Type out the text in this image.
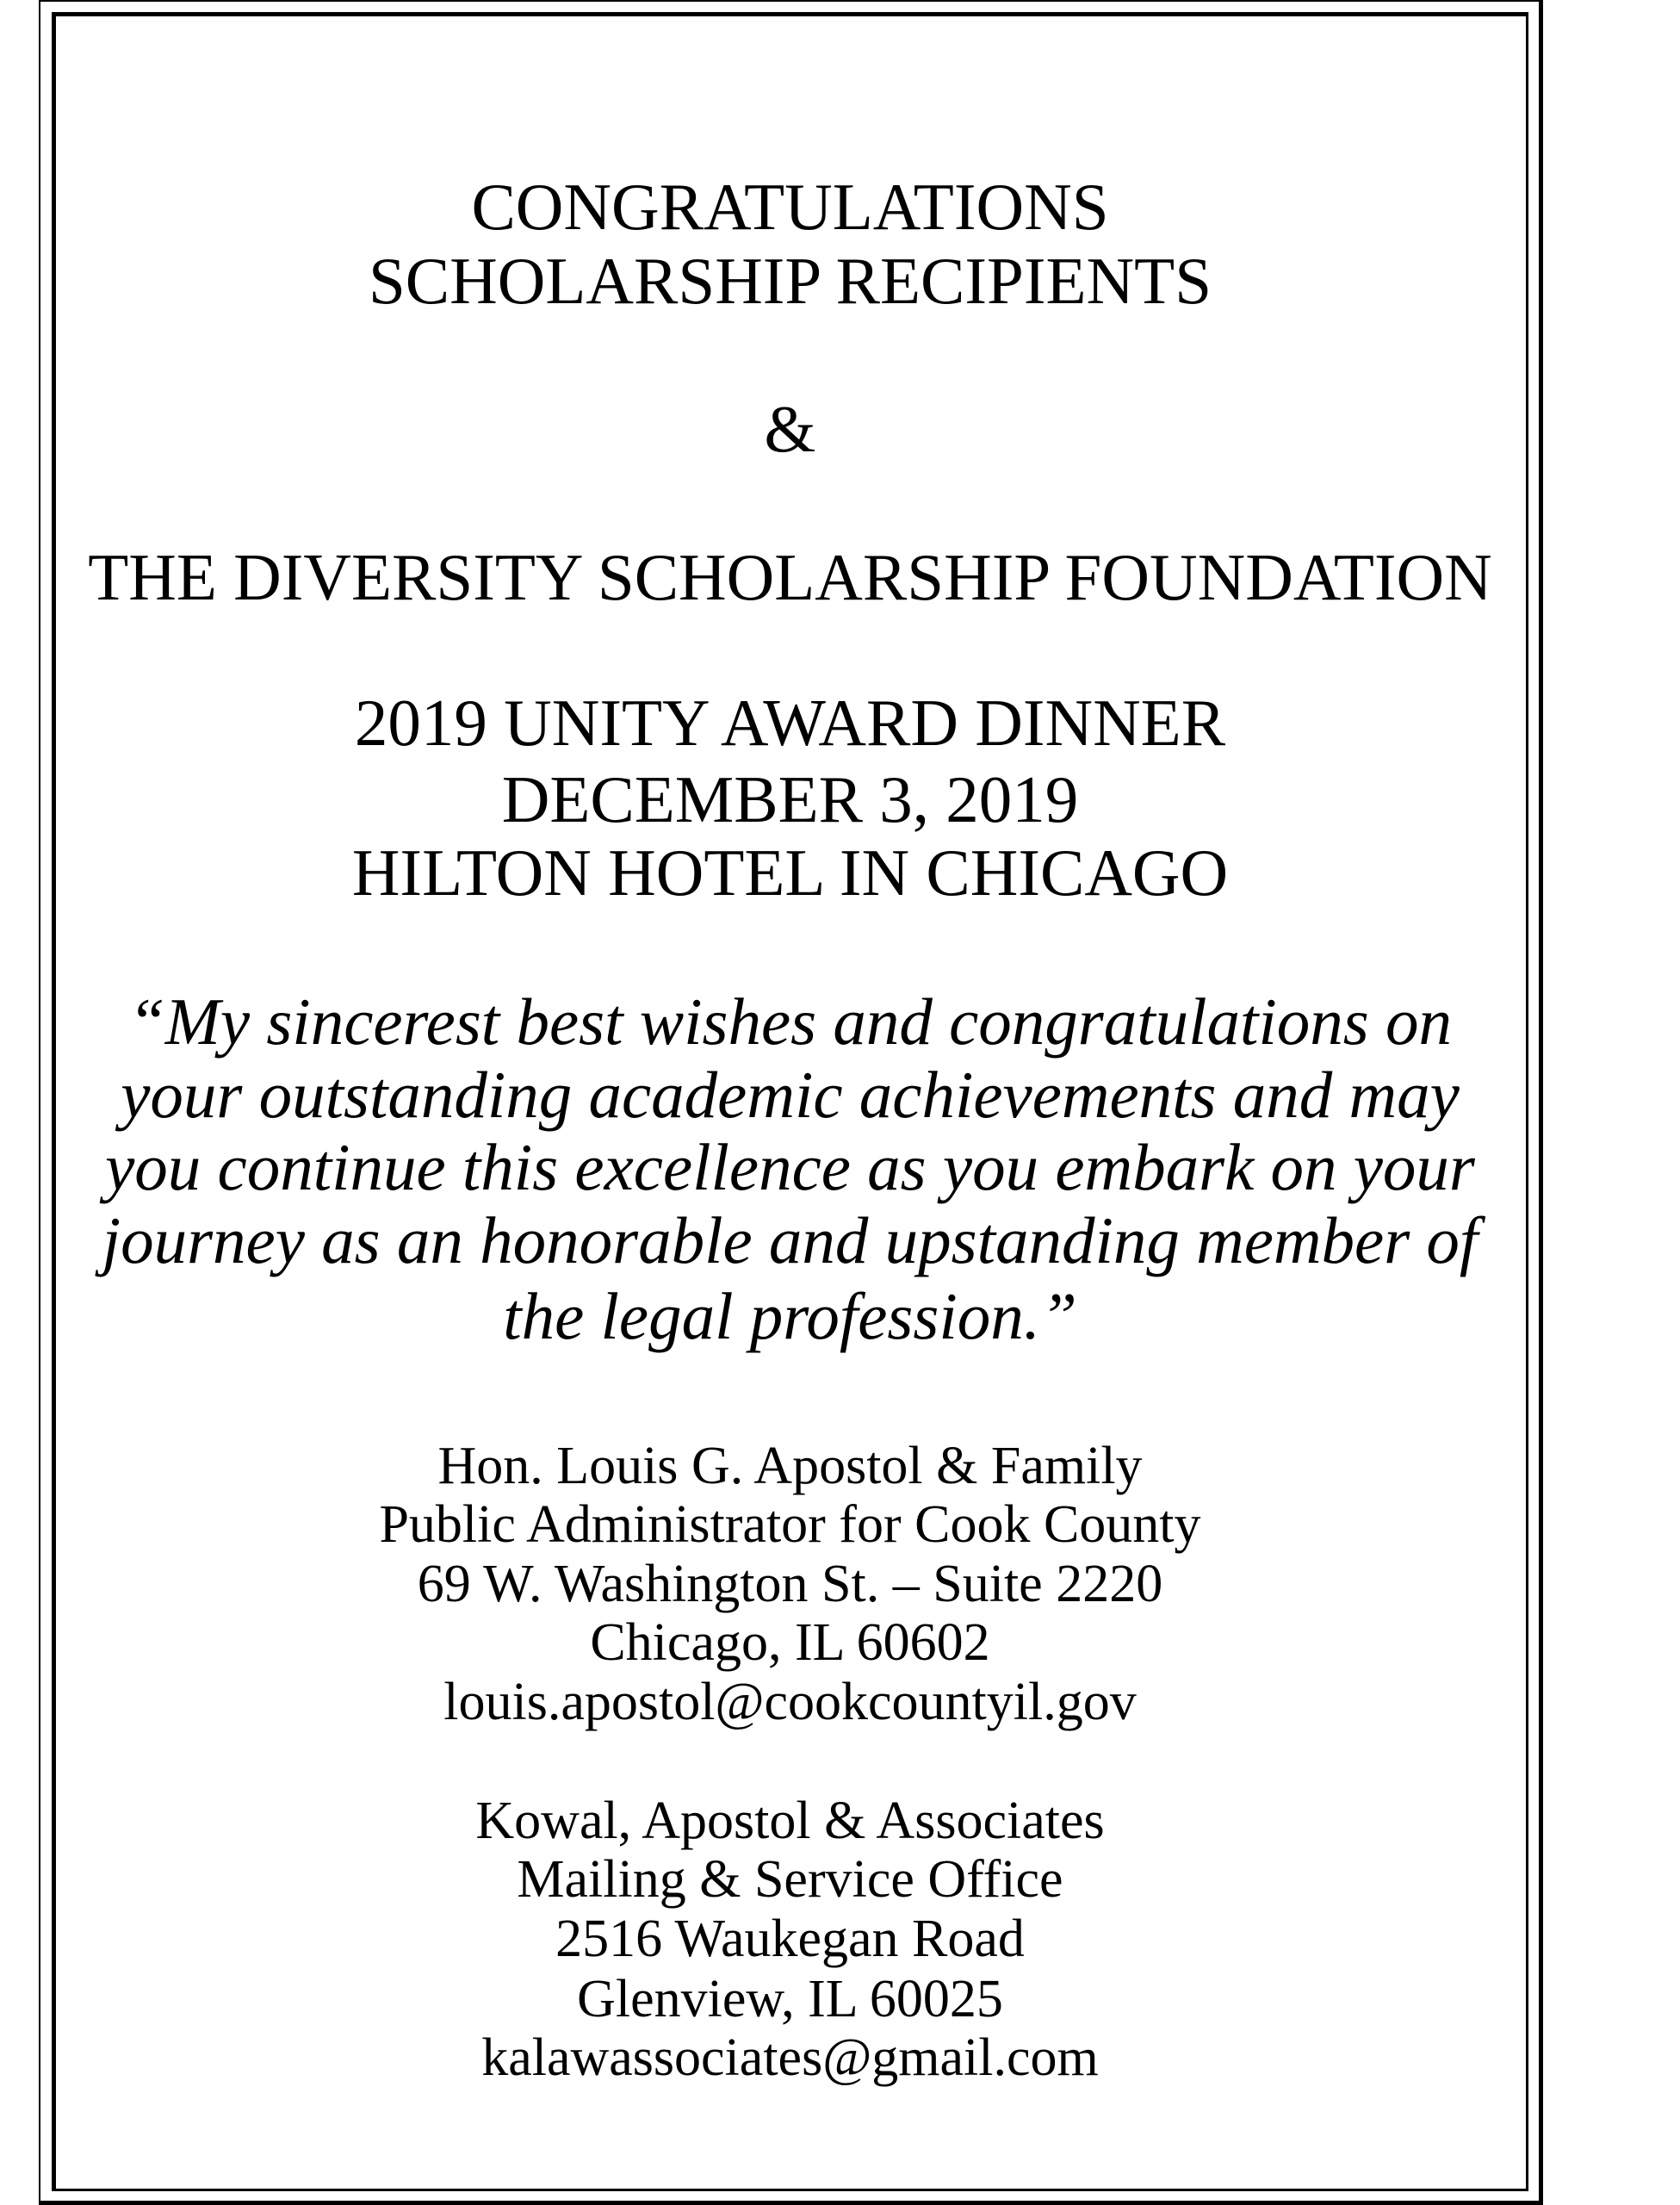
CONGRATULATIONS
SCHOLARSHIP RECIPIENTS
&
THE DIVERSITY SCHOLARSHIP FOUNDATION
2019 UNITY AWARD DINNER
DECEMBER 3, 2019
HILTON HOTEL IN CHICAGO
“My sincerest best wishes and congratulations on
your outstanding academic achievements and may
you continue this excellence as you embark on your
journey as an honorable and upstanding member of
the legal profession.”
Hon. Louis G. Apostol & Family
Public Administrator for Cook County
69 W. Washington St. – Suite 2220
Chicago, IL 60602
louis.apostol@cookcountyil.gov
Kowal, Apostol & Associates
Mailing & Service Office
2516 Waukegan Road
Glenview, IL 60025
kalawassociates@gmail.com
